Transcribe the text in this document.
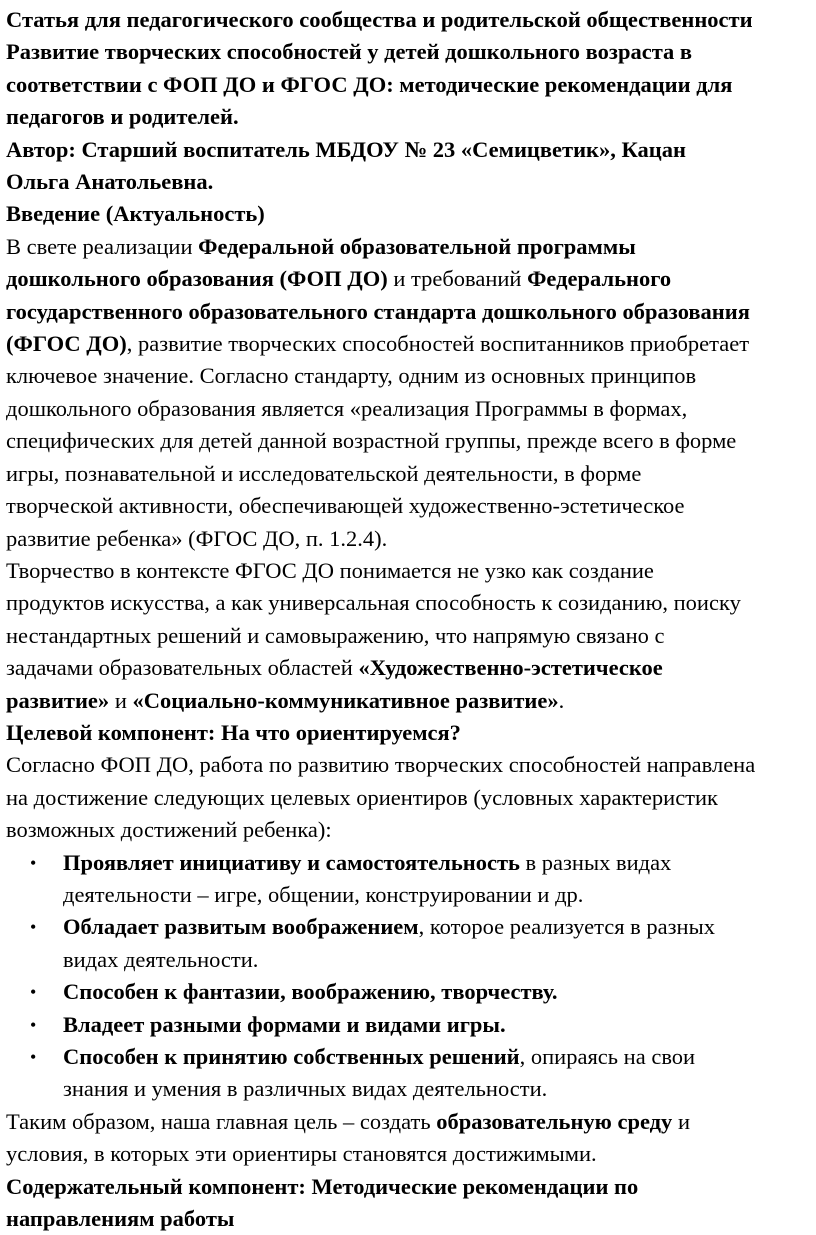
Статья для педагогического сообщества и родительской общественности

Развитие творческих способностей у детей дошкольного возраста в

соответствии с ФОП ДО и ФГОС ДО: методические рекомендации для

педагогов и родителей.

Автор: Старший воспитатель МБДОУ № 23 «Семицветик», Кацан

Ольга Анатольевна.

Введение (Актуальность)

В свете реализации Федеральной образовательной программы

дошкольного образования (ФОП ДО) и требований Федерального

государственного образовательного стандарта дошкольного образования

(ФГОС ДО), развитие творческих способностей воспитанников приобретает

ключевое значение. Согласно стандарту, одним из основных принципов

дошкольного образования является «реализация Программы в формах,

специфических для детей данной возрастной группы, прежде всего в форме

игры, познавательной и исследовательской деятельности, в форме

творческой активности, обеспечивающей художественно-эстетическое

развитие ребенка» (ФГОС ДО, п. 1.2.4).

Творчество в контексте ФГОС ДО понимается не узко как создание

продуктов искусства, а как универсальная способность к созиданию, поиску

нестандартных решений и самовыражению, что напрямую связано с

задачами образовательных областей «Художественно-эстетическое

развитие» и «Социально-коммуникативное развитие».

Целевой компонент: На что ориентируемся?

Согласно ФОП ДО, работа по развитию творческих способностей направлена

на достижение следующих целевых ориентиров (условных характеристик

возможных достижений ребенка):

• Проявляет инициативу и самостоятельность в разных видах

деятельности – игре, общении, конструировании и др.

• Обладает развитым воображением, которое реализуется в разных

видах деятельности.

• Способен к фантазии, воображению, творчеству.

• Владеет разными формами и видами игры.

• Способен к принятию собственных решений, опираясь на свои

знания и умения в различных видах деятельности.

Таким образом, наша главная цель – создать образовательную среду и

условия, в которых эти ориентиры становятся достижимыми.

Содержательный компонент: Методические рекомендации по

направлениям работы
